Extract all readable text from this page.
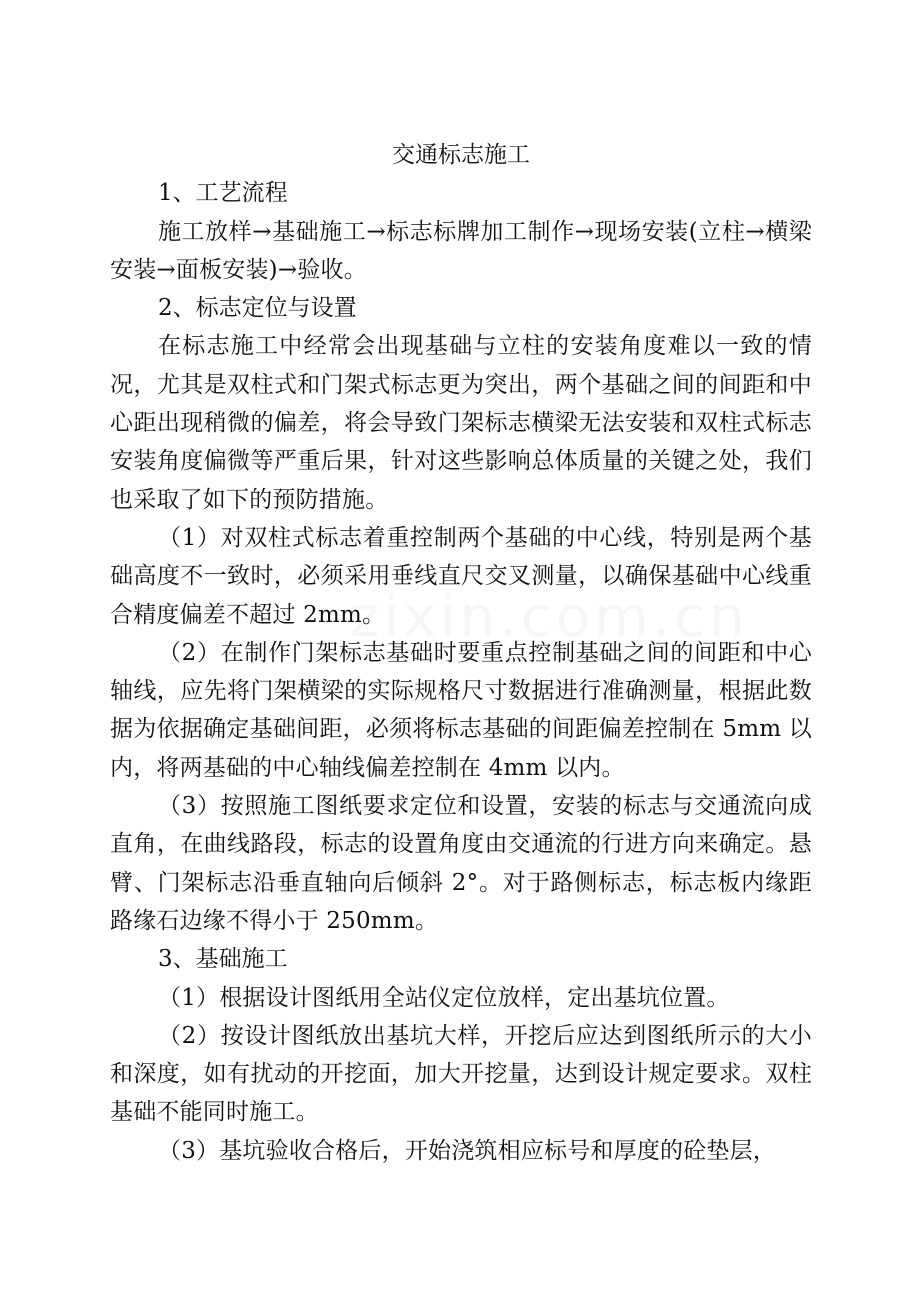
交通标志施工

1、工艺流程

施工放样→基础施工→标志标牌加工制作→现场安装(立柱→横梁安装→面板安装)→验收。

2、标志定位与设置

在标志施工中经常会出现基础与立柱的安装角度难以一致的情况，尤其是双柱式和门架式标志更为突出，两个基础之间的间距和中心距出现稍微的偏差，将会导致门架标志横梁无法安装和双柱式标志安装角度偏微等严重后果，针对这些影响总体质量的关键之处，我们也采取了如下的预防措施。

（1）对双柱式标志着重控制两个基础的中心线，特别是两个基础高度不一致时，必须采用垂线直尺交叉测量，以确保基础中心线重合精度偏差不超过 2mm。

（2）在制作门架标志基础时要重点控制基础之间的间距和中心轴线，应先将门架横梁的实际规格尺寸数据进行准确测量，根据此数据为依据确定基础间距，必须将标志基础的间距偏差控制在 5mm 以内，将两基础的中心轴线偏差控制在 4mm 以内。

（3）按照施工图纸要求定位和设置，安装的标志与交通流向成直角，在曲线路段，标志的设置角度由交通流的行进方向来确定。悬臂、门架标志沿垂直轴向后倾斜 2°。对于路侧标志，标志板内缘距路缘石边缘不得小于 250mm。

3、基础施工

（1）根据设计图纸用全站仪定位放样，定出基坑位置。

（2）按设计图纸放出基坑大样，开挖后应达到图纸所示的大小和深度，如有扰动的开挖面，加大开挖量，达到设计规定要求。双柱基础不能同时施工。

（3）基坑验收合格后，开始浇筑相应标号和厚度的砼垫层，
